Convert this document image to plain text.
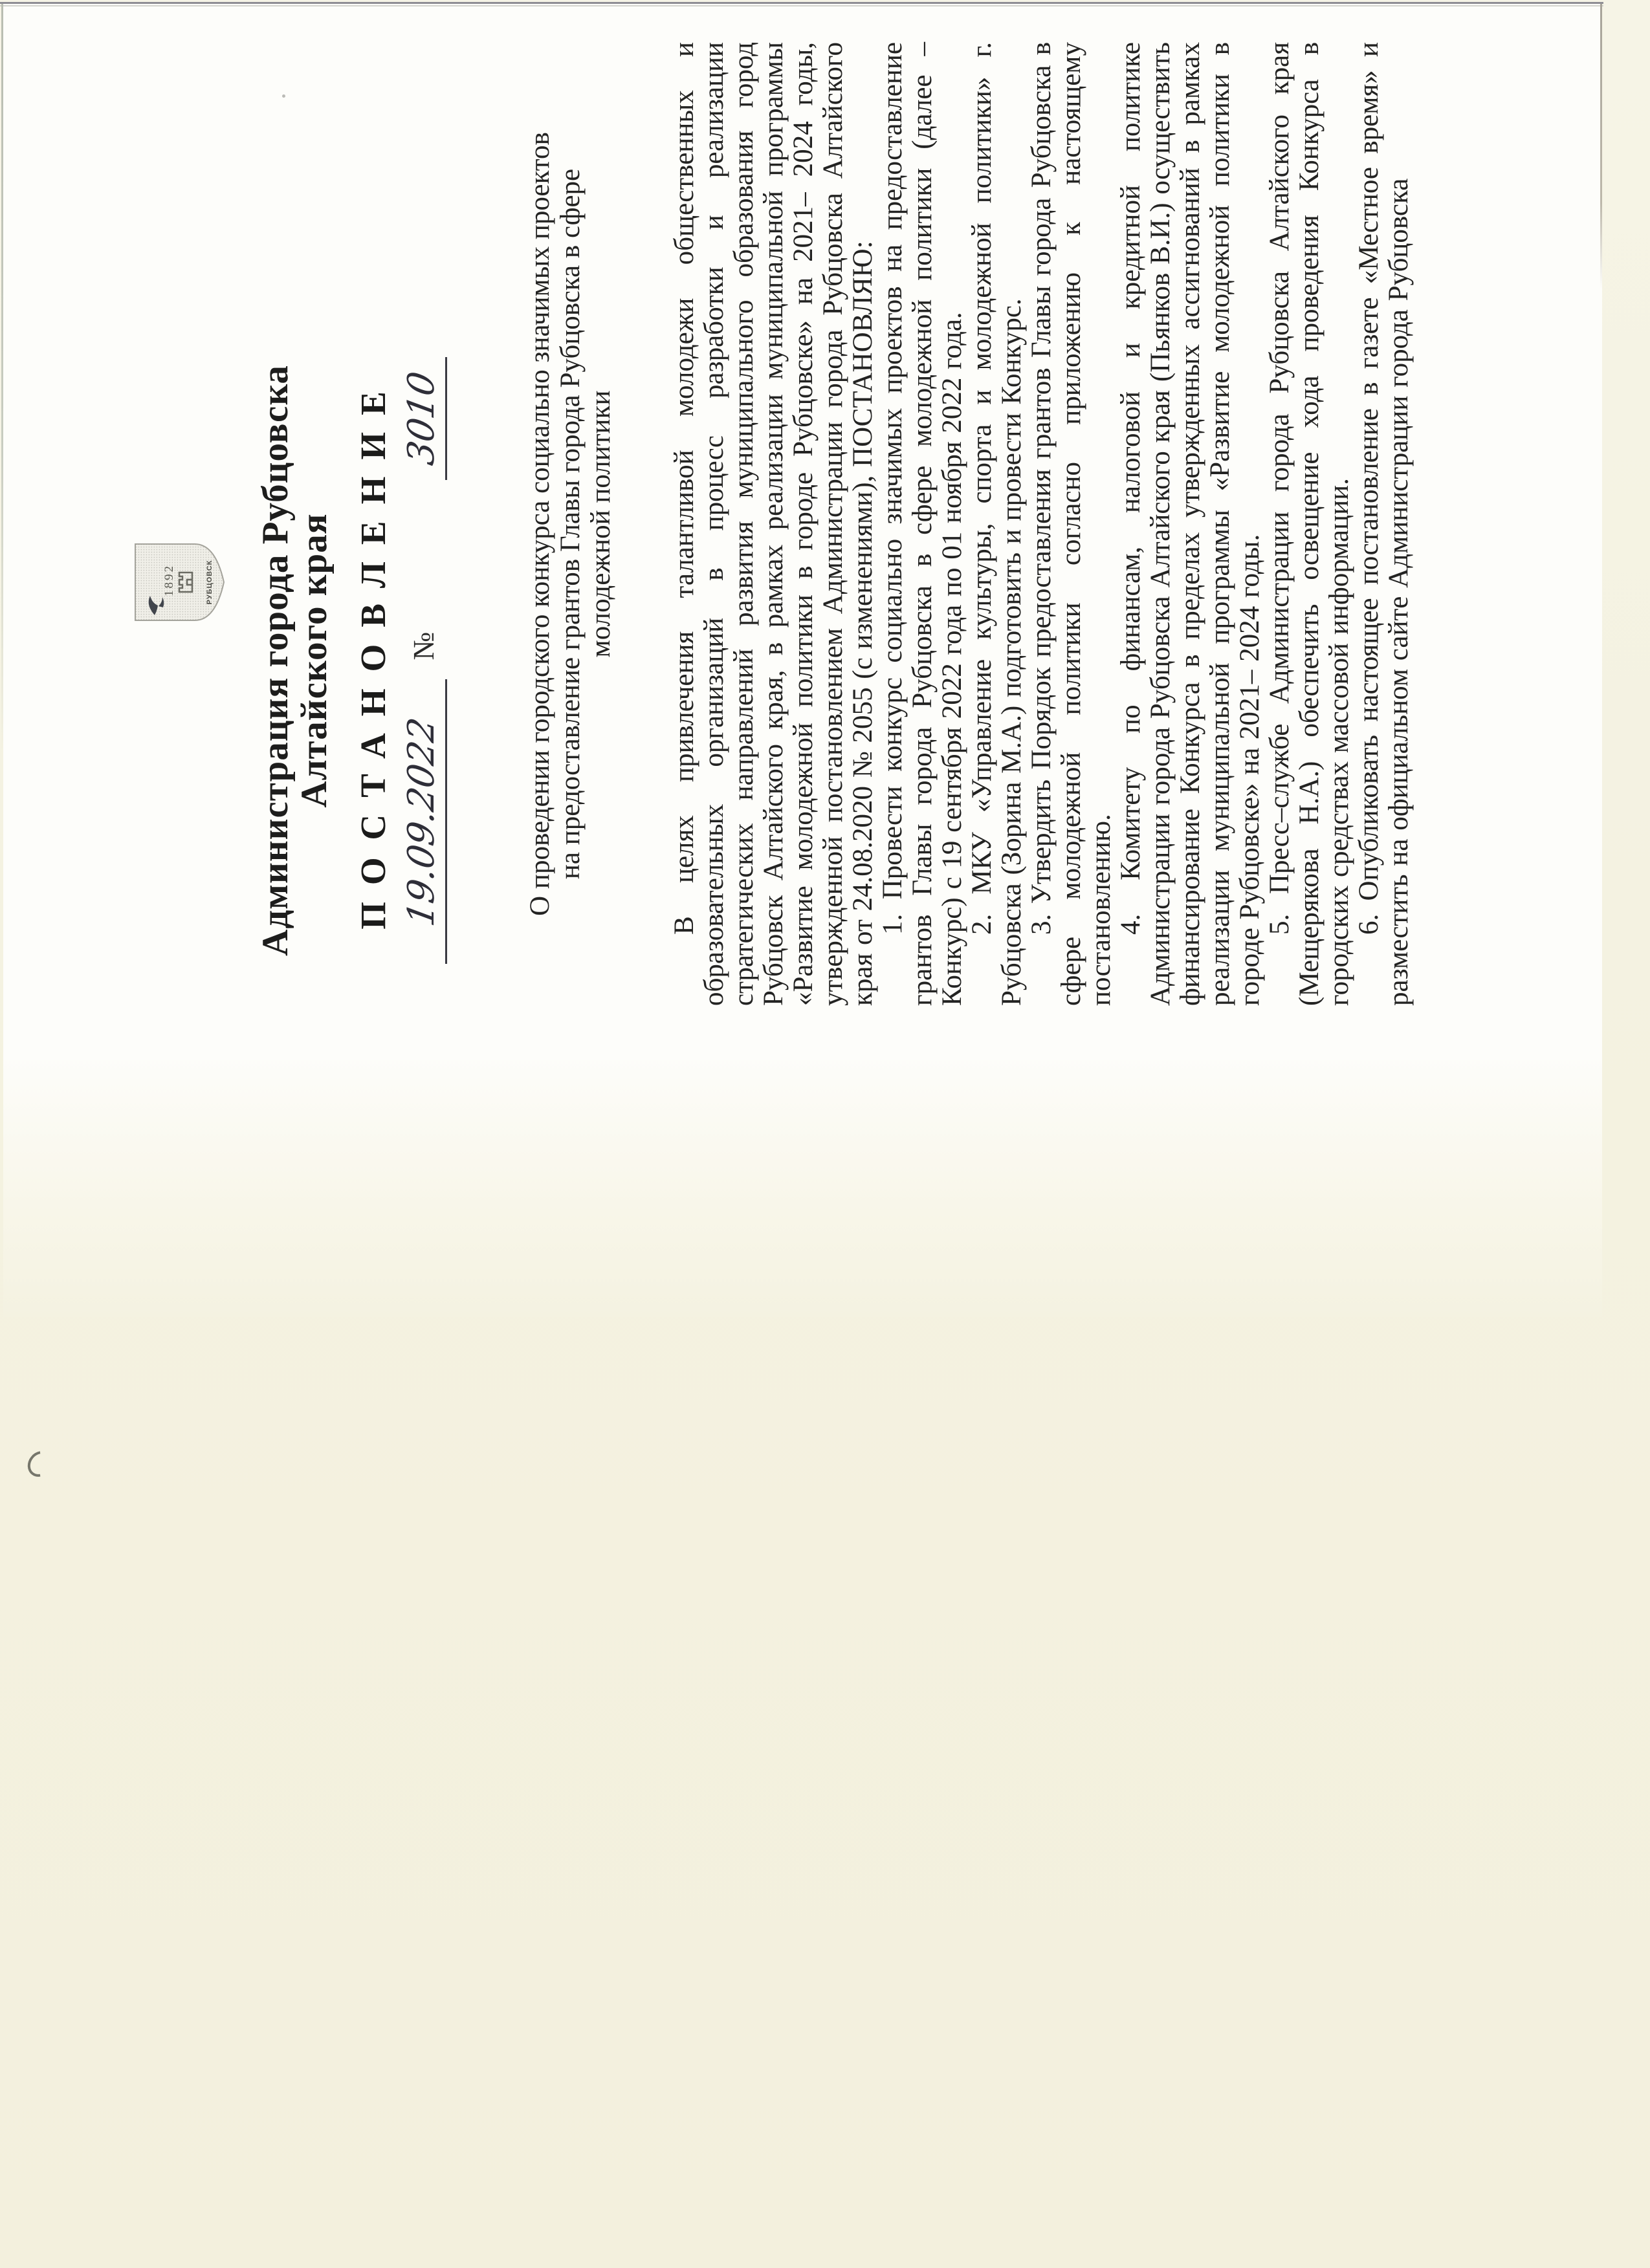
1892	РУБЦОВСК Администрация города Рубцовска
Алтайского края ПОСТАНОВЛЕНИЕ 19.09.2022
№
3010	О проведении городского конкурса социально значимых проектов на предоставление грантов Главы города Рубцовска в сфере молодежной политики В целях привлечения талантливой молодежи общественных и образовательных организаций в процесс разработки и реализации стратегических направлений развития муниципального образования город Рубцовск Алтайского края, в рамках реализации муниципальной программы «Развитие молодежной политики в городе Рубцовске» на 2021– 2024 годы, утвержденной постановлением Администрации города Рубцовска Алтайского края от 24.08.2020 № 2055 (с изменениями), ПОСТАНОВЛЯЮ: 1. Провести конкурс социально значимых проектов на предоставление грантов Главы города Рубцовска в сфере молодежной политики (далее – Конкурс) с 19 сентября 2022 года по 01 ноября 2022 года. 2. МКУ «Управление культуры, спорта и молодежной политики» г. Рубцовска (Зорина М.А.) подготовить и провести Конкурс. 3. Утвердить Порядок предоставления грантов Главы города Рубцовска в сфере молодежной политики согласно приложению к настоящему постановлению. 4. Комитету по финансам, налоговой и кредитной политике Администрации города Рубцовска Алтайского края (Пьянков В.И.) осуществить финансирование Конкурса в пределах утвержденных ассигнований в рамках реализации муниципальной программы «Развитие молодежной политики в городе Рубцовске» на 2021– 2024 годы. 5. Пресс–службе Администрации города Рубцовска Алтайского края (Мещерякова Н.А.) обеспечить освещение хода проведения Конкурса в городских средствах массовой информации. 6. Опубликовать настоящее постановление в газете «Местное время» и разместить на официальном сайте Администрации города Рубцовска
